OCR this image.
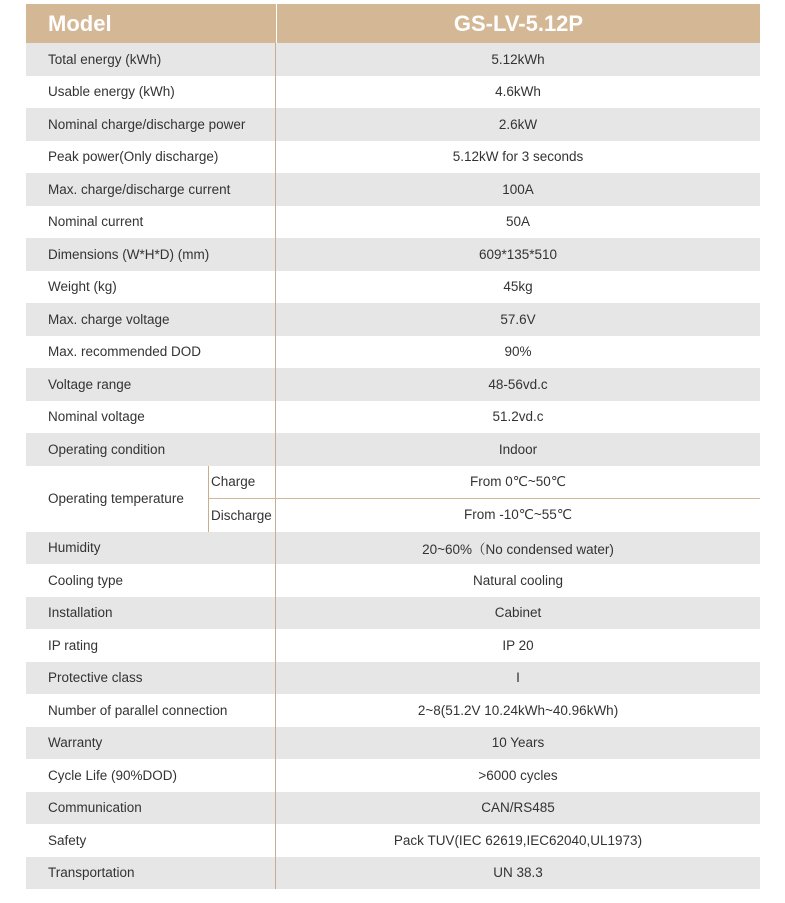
Model	GS-LV-5.12P
Total energy (kWh)	5.12kWh
Usable energy (kWh)	4.6kWh
Nominal charge/discharge power	2.6kW
Peak power(Only discharge)	5.12kW for 3 seconds
Max. charge/discharge current	100A
Nominal current	50A
Dimensions (W*H*D) (mm)	609*135*510
Weight (kg)	45kg
Max. charge voltage	57.6V
Max. recommended DOD	90%
Voltage range	48-56vd.c
Nominal voltage	51.2vd.c
Operating condition	Indoor
Operating temperature
Charge	From 0℃~50℃
Discharge	From -10℃~55℃
Humidity	20~60%（No condensed water)
Cooling type	Natural cooling
Installation	Cabinet
IP rating	IP 20
Protective class	I
Number of parallel connection	2~8(51.2V 10.24kWh~40.96kWh)
Warranty	10 Years
Cycle Life (90%DOD)	>6000 cycles
Communication	CAN/RS485
Safety	Pack TUV(IEC 62619,IEC62040,UL1973)
Transportation	UN 38.3
